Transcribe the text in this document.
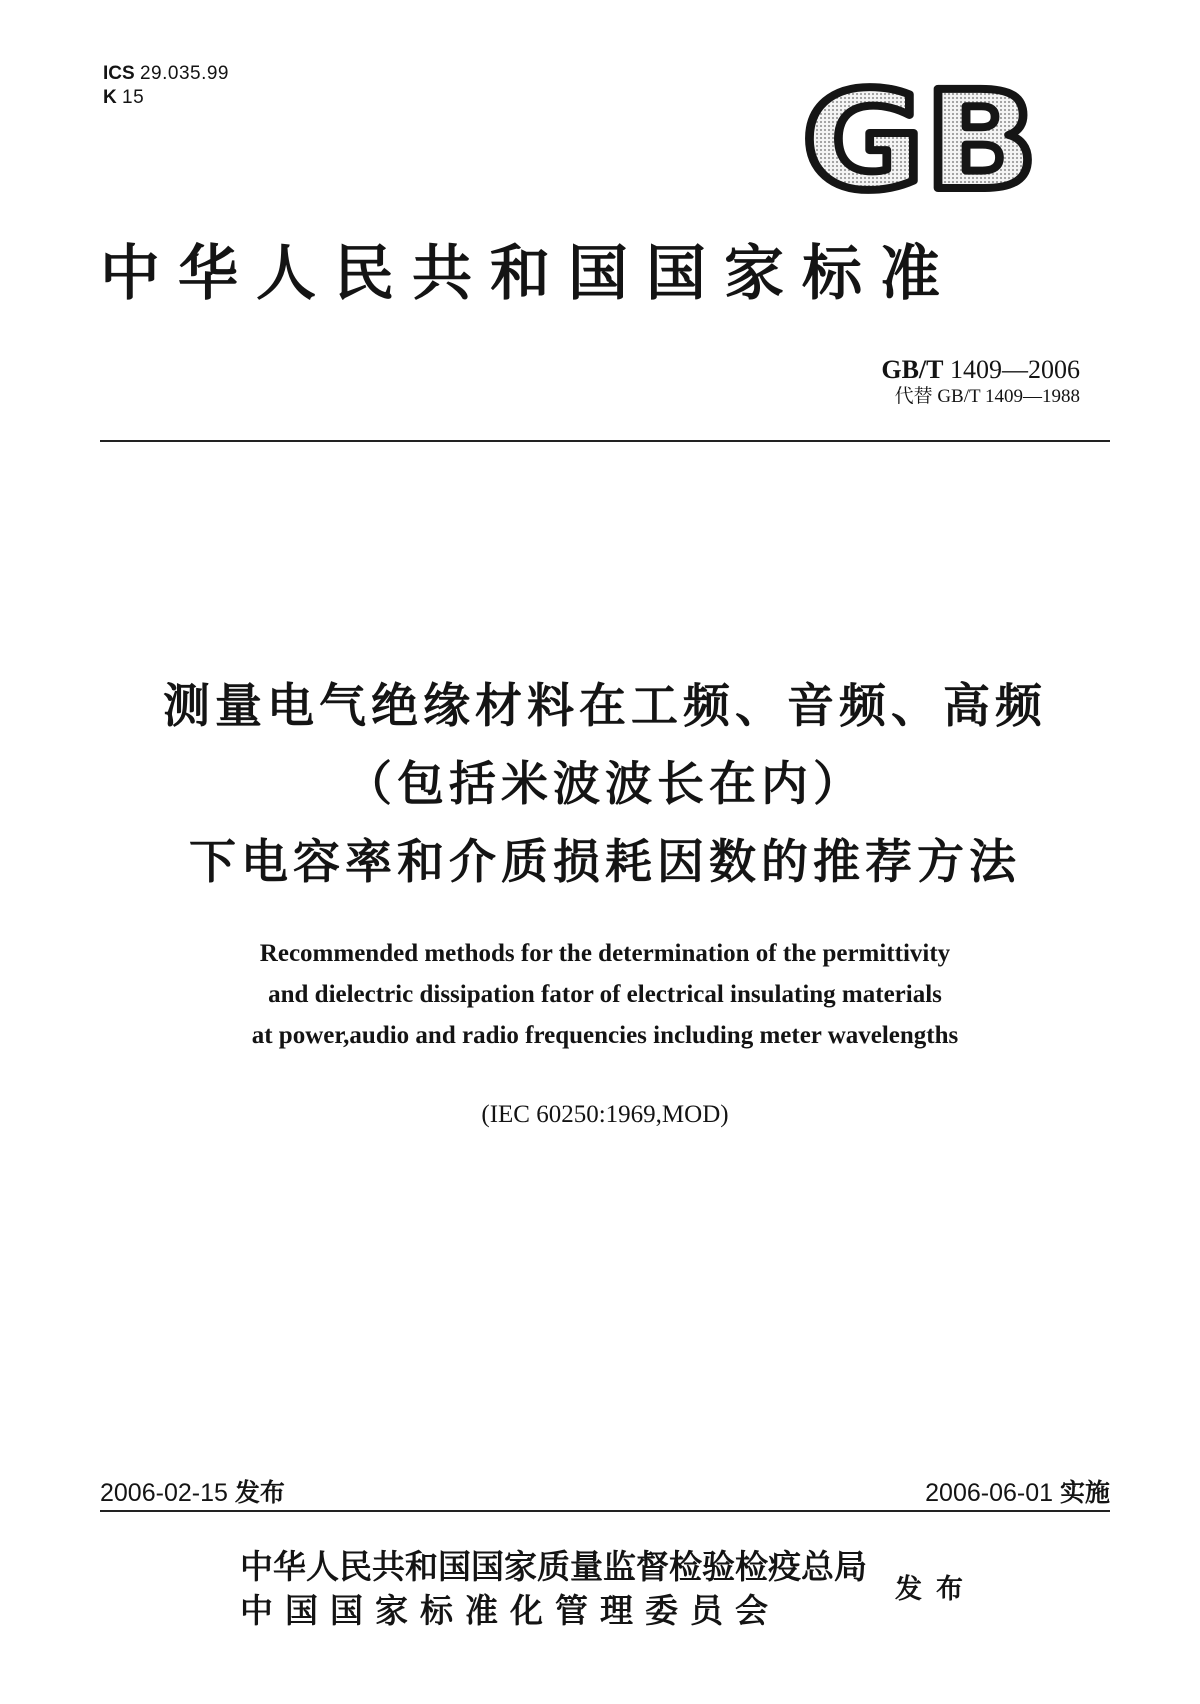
ICS 29.035.99
K 15	GB
中华人民共和国国家标准
GB/T 1409—2006
代替 GB/T 1409—1988
测量电气绝缘材料在工频、音频、高频
（包括米波波长在内）
下电容率和介质损耗因数的推荐方法
Recommended methods for the determination of the permittivity
and dielectric dissipation fator of electrical insulating materials
at power,audio and radio frequencies including meter wavelengths
(IEC 60250:1969,MOD)
2006-02-15 发布	2006-06-01 实施
中华人民共和国国家质量监督检验检疫总局
中国国家标准化管理委员会
发布
